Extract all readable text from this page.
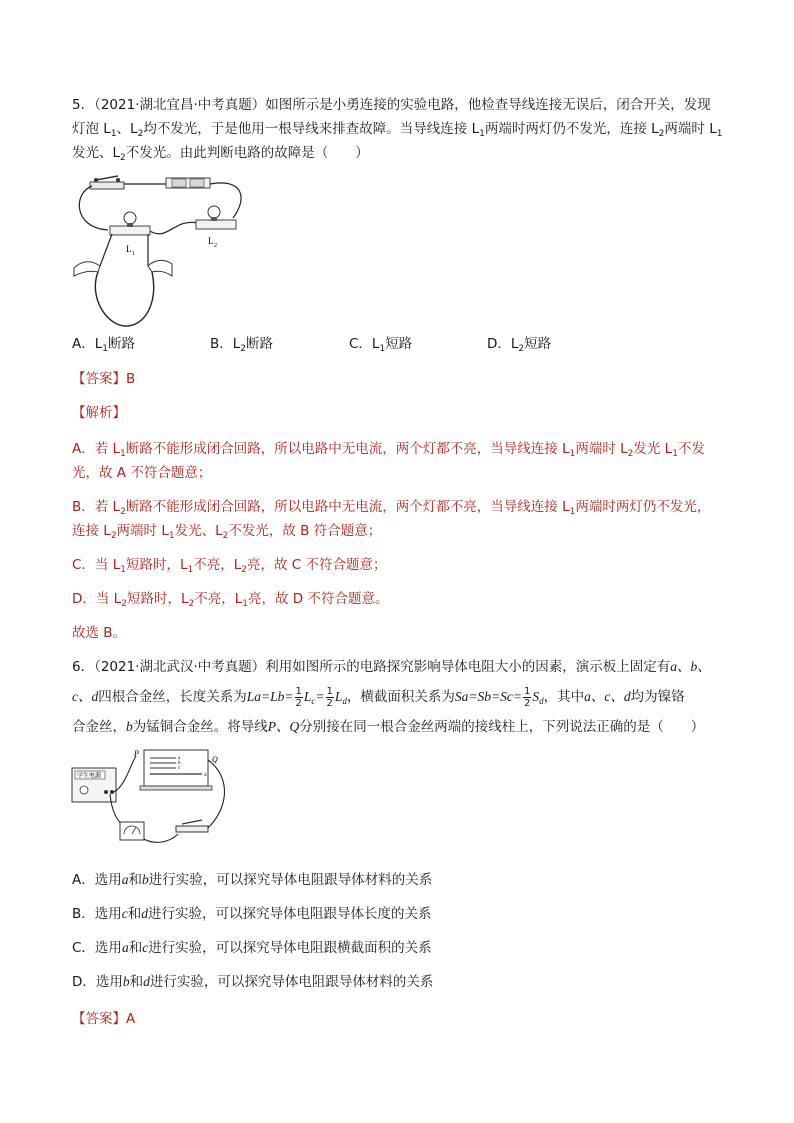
5．（2021·湖北宜昌·中考真题）如图所示是小勇连接的实验电路，他检查导线连接无误后，闭合开关，发现
灯泡 $L_1$、$L_2$均不发光，于是他用一根导线来排查故障。当导线连接 $L_1$两端时两灯仍不发光，连接 $L_2$两端时 $L_1$
发光、$L_2$不发光。由此判断电路的故障是（　　）
L 1
L 2
A．$L_1$断路	B．$L_2$断路	C．$L_1$短路	D．$L_2$短路
【答案】B
【解析】
A．若 $L_1$断路不能形成闭合回路，所以电路中无电流，两个灯都不亮，当导线连接 $L_1$两端时 $L_2$发光 $L_1$不发
光，故 A 不符合题意；
B．若 $L_2$断路不能形成闭合回路，所以电路中无电流，两个灯都不亮，当导线连接 $L_1$两端时两灯仍不发光，
连接 $L_2$两端时 $L_1$发光、$L_2$不发光，故 B 符合题意；
C．当 $L_1$短路时，$L_1$不亮，$L_2$亮，故 C 不符合题意；
D．当 $L_2$短路时，$L_2$不亮，$L_1$亮，故 D 不符合题意。
故选 B。
6．（2021·湖北武汉·中考真题）利用如图所示的电路探究影响导体电阻大小的因素，演示板上固定有a、b、
c、d四根合金丝，长度关系为$La=Lb= \frac{1}{2} L_c= \frac{1}{2} L_d$，横截面积关系为$Sa=Sb=Sc= \frac{1}{2} S_d$，其中a、c、d均为镍铬
合金丝，b为锰铜合金丝。将导线P、Q分别接在同一根合金丝两端的接线柱上，下列说法正确的是（　　）
学生电源
a
b
c
d
P
Q
A．选用a和b进行实验，可以探究导体电阻跟导体材料的关系
B．选用c和d进行实验，可以探究导体电阻跟导体长度的关系
C．选用a和c进行实验，可以探究导体电阻跟横截面积的关系
D．选用b和d进行实验，可以探究导体电阻跟导体材料的关系
【答案】A
